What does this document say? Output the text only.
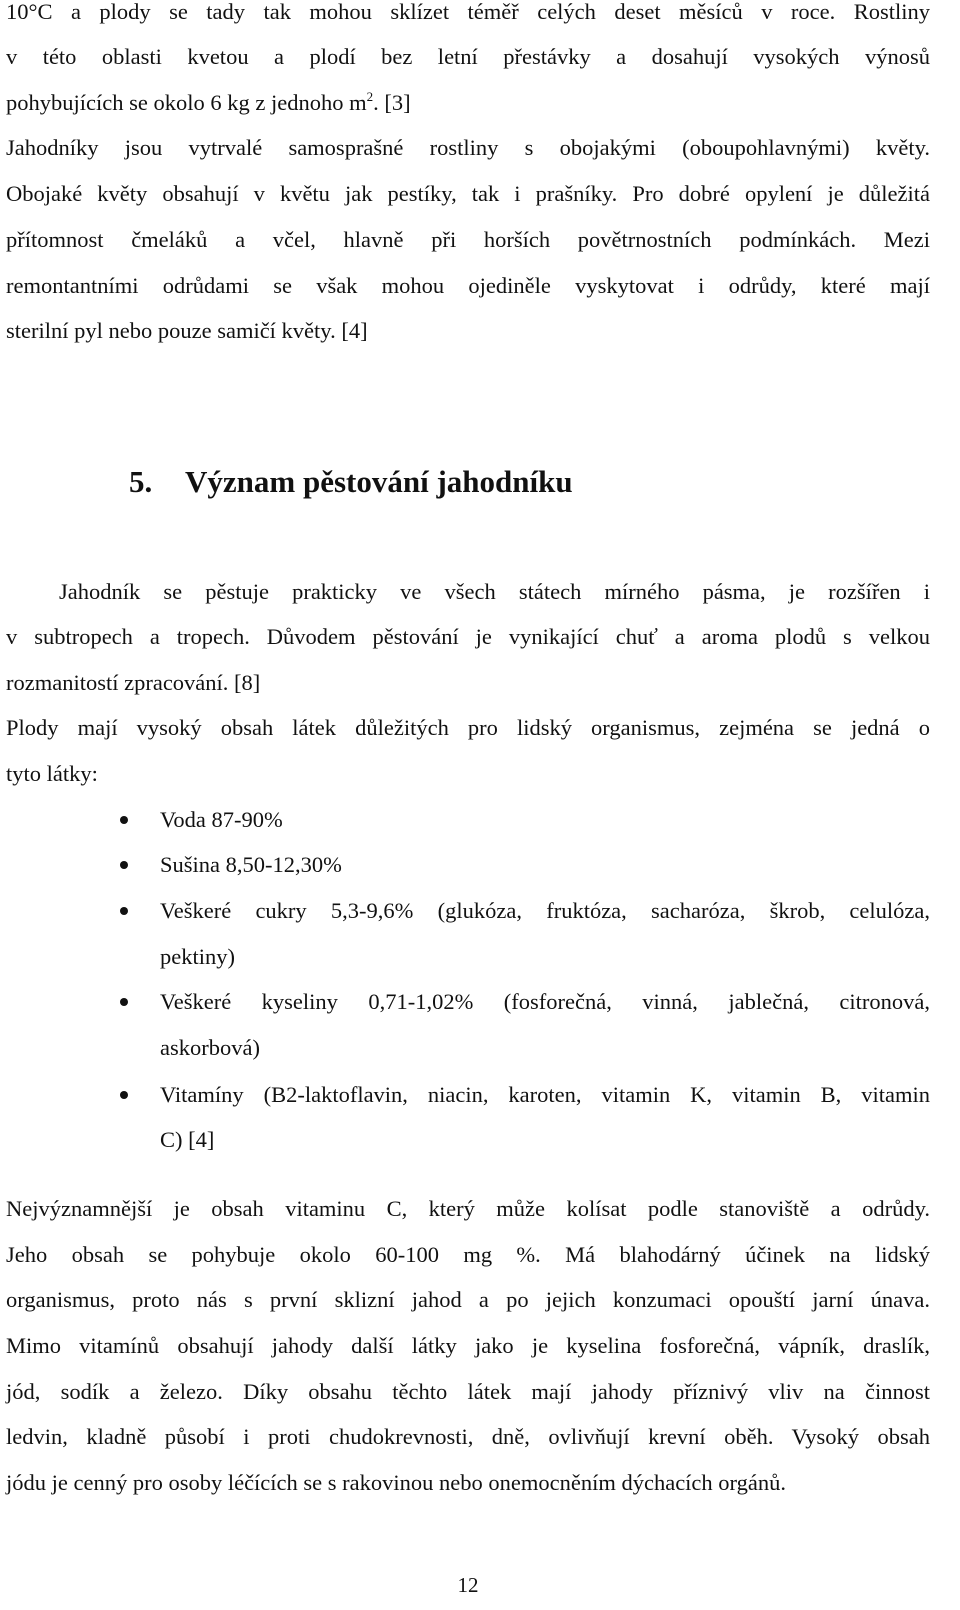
10°C a plody se tady tak mohou sklízet téměř celých deset měsíců v roce. Rostliny
v této oblasti kvetou a plodí bez letní přestávky a dosahují vysokých výnosů
pohybujících se okolo 6 kg z jednoho $m^2$. [3]
Jahodníky jsou vytrvalé samosprašné rostliny s obojakými (oboupohlavnými) květy.
Obojaké květy obsahují v květu jak pestíky, tak i prašníky. Pro dobré opylení je důležitá
přítomnost čmeláků a včel, hlavně při horších povětrnostních podmínkách. Mezi
remontantními odrůdami se však mohou ojediněle vyskytovat i odrůdy, které mají
sterilní pyl nebo pouze samičí květy. [4]
5. Význam pěstování jahodníku
Jahodník se pěstuje prakticky ve všech státech mírného pásma, je rozšířen i
v subtropech a tropech. Důvodem pěstování je vynikající chuť a aroma plodů s velkou
rozmanitostí zpracování. [8]
Plody mají vysoký obsah látek důležitých pro lidský organismus, zejména se jedná o
tyto látky:
Voda 87-90%
Sušina 8,50-12,30%
Veškeré cukry 5,3-9,6% (glukóza, fruktóza, sacharóza, škrob, celulóza,
pektiny)
Veškeré kyseliny 0,71-1,02% (fosforečná, vinná, jablečná, citronová,
askorbová)
Vitamíny (B2-laktoflavin, niacin, karoten, vitamin K, vitamin B, vitamin
C) [4]
Nejvýznamnější je obsah vitaminu C, který může kolísat podle stanoviště a odrůdy.
Jeho obsah se pohybuje okolo 60-100 mg %. Má blahodárný účinek na lidský
organismus, proto nás s první sklizní jahod a po jejich konzumaci opouští jarní únava.
Mimo vitamínů obsahují jahody další látky jako je kyselina fosforečná, vápník, draslík,
jód, sodík a železo. Díky obsahu těchto látek mají jahody příznivý vliv na činnost
ledvin, kladně působí i proti chudokrevnosti, dně, ovlivňují krevní oběh. Vysoký obsah
jódu je cenný pro osoby léčících se s rakovinou nebo onemocněním dýchacích orgánů.
12
